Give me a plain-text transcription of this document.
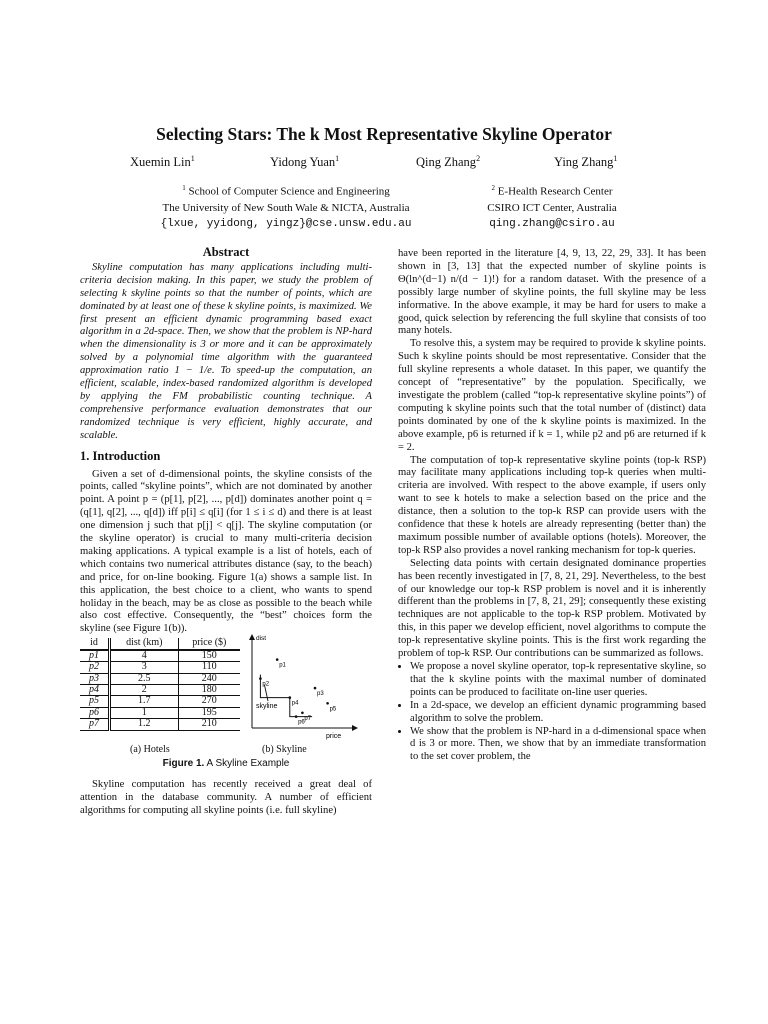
Selecting Stars: The k Most Representative Skyline Operator
Xuemin Lin$^1$	Yidong Yuan$^1$	Qing Zhang$^2$	Ying Zhang$^1$
$^1$ School of Computer Science and Engineering
The University of New South Wale & NICTA, Australia
{lxue, yyidong, yingz}@cse.unsw.edu.au
$^2$ E-Health Research Center
CSIRO ICT Center, Australia
qing.zhang@csiro.au
Abstract

Skyline computation has many applications including multi-criteria decision making. In this paper, we study the problem of selecting k skyline points so that the number of points, which are dominated by at least one of these k skyline points, is maximized. We first present an efficient dynamic programming based exact algorithm in a 2d-space. Then, we show that the problem is NP-hard when the dimensionality is 3 or more and it can be approximately solved by a polynomial time algorithm with the guaranteed approximation ratio 1 − 1/e. To speed-up the computation, an efficient, scalable, index-based randomized algorithm is developed by applying the FM probabilistic counting technique. A comprehensive performance evaluation demonstrates that our randomized technique is very efficient, highly accurate, and scalable.

1. Introduction

Given a set of d-dimensional points, the skyline consists of the points, called “skyline points”, which are not dominated by another point. A point p = (p[1], p[2], ..., p[d]) dominates another point q = (q[1], q[2], ..., q[d]) iff p[i] ≤ q[i] (for 1 ≤ i ≤ d) and there is at least one dimension j such that p[j] < q[j]. The skyline computation (or the skyline operator) is crucial to many multi-criteria decision making applications. A typical example is a list of hotels, each of which contains two numerical attributes distance (say, to the beach) and price, for on-line booking. Figure 1(a) shows a sample list. In this application, the best choice to a client, who wants to spend holiday in the beach, may be as close as possible to the beach while also cost effective. Consequently, the “best” choices form the skyline (see Figure 1(b)).

id	dist (km)	price ($)
p1	4	150
p2	3	110
p3	2.5	240
p4	2	180
p5	1.7	270
p6	1	195
p7	1.2	210
dist
price
skyline
p1
p2
p3
p4
p5
p6
p7
(a) Hotels	(b) Skyline
Figure 1. A Skyline Example

Skyline computation has recently received a great deal of attention in the database community. A number of efficient algorithms for computing all skyline points (i.e. full skyline)

have been reported in the literature [4, 9, 13, 22, 29, 33]. It has been shown in [3, 13] that the expected number of skyline points is Θ(ln^(d−1) n/(d − 1)!) for a random dataset. With the presence of a possibly large number of skyline points, the full skyline may be less informative. In the above example, it may be hard for users to make a good, quick selection by referencing the full skyline that consists of too many hotels.

To resolve this, a system may be required to provide k skyline points. Such k skyline points should be most representative. Consider that the full skyline represents a whole dataset. In this paper, we quantify the concept of “representative” by the population. Specifically, we investigate the problem (called “top-k representative skyline points”) of computing k skyline points such that the total number of (distinct) data points dominated by one of the k skyline points is maximized. In the above example, p6 is returned if k = 1, while p2 and p6 are returned if k = 2.

The computation of top-k representative skyline points (top-k RSP) may facilitate many applications including top-k queries when multi-criteria are involved. With respect to the above example, if users only want to see k hotels to make a selection based on the price and the distance, then a solution to the top-k RSP can provide users with the confidence that these k hotels are already representing (better than) the maximum possible number of available options (hotels). Moreover, the top-k RSP also provides a novel ranking mechanism for top-k queries.

Selecting data points with certain designated dominance properties has been recently investigated in [7, 8, 21, 29]. Nevertheless, to the best of our knowledge our top-k RSP problem is novel and it is inherently different than the problems in [7, 8, 21, 29]; consequently these existing techniques are not applicable to the top-k RSP problem. Motivated by this, in this paper we develop efficient, novel algorithms to compute the top-k representative skyline points. This is the first work regarding the problem of top-k RSP. Our contributions can be summarized as follows.

• We propose a novel skyline operator, top-k representative skyline, so that the k skyline points with the maximal number of dominated points can be produced to facilitate on-line user queries.
• In a 2d-space, we develop an efficient dynamic programming based algorithm to solve the problem.
• We show that the problem is NP-hard in a d-dimensional space when d is 3 or more. Then, we show that by an immediate transformation to the set cover problem, the
